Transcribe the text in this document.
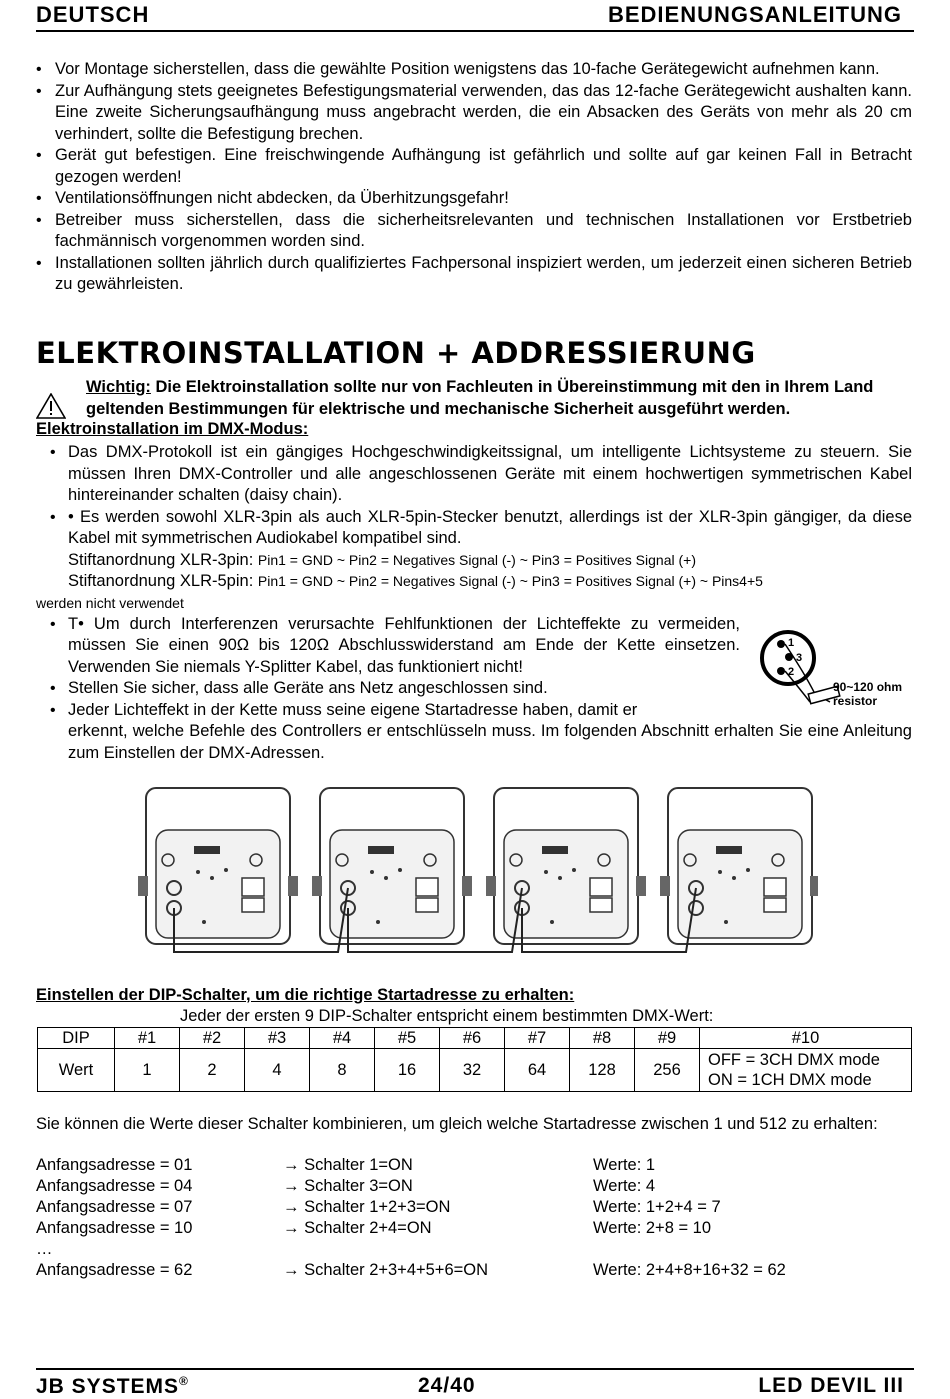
DEUTSCH	BEDIENUNGSANLEITUNG
• Vor Montage sicherstellen, dass die gewählte Position wenigstens das 10-fache Gerätegewicht aufnehmen kann.
• Zur Aufhängung stets geeignetes Befestigungsmaterial verwenden, das das 12-fache Gerätegewicht aushalten kann. Eine zweite Sicherungsaufhängung muss angebracht werden, die ein Absacken des Geräts von mehr als 20 cm verhindert, sollte die Befestigung brechen.
• Gerät gut befestigen. Eine freischwingende Aufhängung ist gefährlich und sollte auf gar keinen Fall in Betracht gezogen werden!
• Ventilationsöffnungen nicht abdecken, da Überhitzungsgefahr!
• Betreiber muss sicherstellen, dass die sicherheitsrelevanten und technischen Installationen vor Erstbetrieb fachmännisch vorgenommen worden sind.
• Installationen sollten jährlich durch qualifiziertes Fachpersonal inspiziert werden, um jederzeit einen sicheren Betrieb zu gewährleisten.
ELEKTROINSTALLATION + ADDRESSIERUNG
Wichtig: Die Elektroinstallation sollte nur von Fachleuten in Übereinstimmung mit den in Ihrem Land geltenden Bestimmungen für elektrische und mechanische Sicherheit ausgeführt werden.
Elektroinstallation im DMX-Modus:
• Das DMX-Protokoll ist ein gängiges Hochgeschwindigkeitssignal, um intelligente Lichtsysteme zu steuern. Sie müssen Ihren DMX-Controller und alle angeschlossenen Geräte mit einem hochwertigen symmetrischen Kabel hintereinander schalten (daisy chain).
• • Es werden sowohl XLR-3pin als auch XLR-5pin-Stecker benutzt, allerdings ist der XLR-3pin gängiger, da diese Kabel mit symmetrischen Audiokabel kompatibel sind.
Stiftanordnung XLR-3pin: Pin1 = GND ~ Pin2 = Negatives Signal (-) ~ Pin3 = Positives Signal (+)
Stiftanordnung XLR-5pin: Pin1 = GND ~ Pin2 = Negatives Signal (-) ~ Pin3 = Positives Signal (+) ~ Pins4+5
werden nicht verwendet
• T• Um durch Interferenzen verursachte Fehlfunktionen der Lichteffekte zu vermeiden, müssen Sie einen 90Ω bis 120Ω Abschlusswiderstand am Ende der Kette einsetzen. Verwenden Sie niemals Y-Splitter Kabel, das funktioniert nicht!
• Stellen Sie sicher, dass alle Geräte ans Netz angeschlossen sind.
• Jeder Lichteffekt in der Kette muss seine eigene Startadresse haben, damit er
erkennt, welche Befehle des Controllers er entschlüsseln muss. Im folgenden Abschnitt erhalten Sie eine Anleitung zum Einstellen der DMX-Adressen.
1
3
2
90~120 ohm
resistor
Einstellen der DIP-Schalter, um die richtige Startadresse zu erhalten:
Jeder der ersten 9 DIP-Schalter entspricht einem bestimmten DMX-Wert:
DIP	#1	#2	#3	#4	#5	#6	#7	#8	#9	#10
Wert	1	2	4	8	16	32	64	128	256	OFF = 3CH DMX mode
ON = 1CH DMX mode
Sie können die Werte dieser Schalter kombinieren, um gleich welche Startadresse zwischen 1 und 512 zu erhalten:
Anfangsadresse = 01	→ Schalter 1=ON	Werte: 1
Anfangsadresse = 04	→ Schalter 3=ON	Werte: 4
Anfangsadresse = 07	→ Schalter 1+2+3=ON	Werte: 1+2+4 = 7
Anfangsadresse = 10	→ Schalter 2+4=ON	Werte: 2+8 = 10
…
Anfangsadresse = 62	→ Schalter 2+3+4+5+6=ON	Werte: 2+4+8+16+32 = 62
JB SYSTEMS®	24/40	LED DEVIL III
